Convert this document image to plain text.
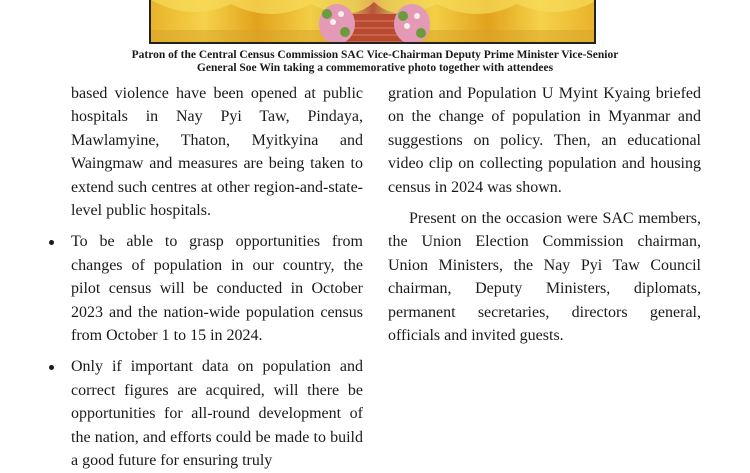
Patron of the Central Census Commission SAC Vice-Chairman Deputy Prime Minister Vice-Senior
General Soe Win taking a commemorative photo together with attendees

based violence have been opened at public hospitals in Nay Pyi Taw, Pindaya, Mawlamyine, Thaton, Myitkyina and Waingmaw and measures are being taken to extend such centres at other region-and-state-level public hospitals.

To be able to grasp opportunities from changes of population in our country, the pilot census will be conducted in October 2023 and the nation-wide population census from October 1 to 15 in 2024.

Only if important data on population and correct figures are acquired, will there be opportunities for all-round development of the nation, and efforts could be made to build a good future for ensuring truly

gration and Population U Myint Kyaing briefed on the change of population in Myanmar and suggestions on policy. Then, an educational video clip on collecting population and housing census in 2024 was shown.

Present on the occasion were SAC members, the Union Election Commission chairman, Union Ministers, the Nay Pyi Taw Council chairman, Deputy Ministers, diplomats, permanent secretaries, directors general, officials and invited guests.
